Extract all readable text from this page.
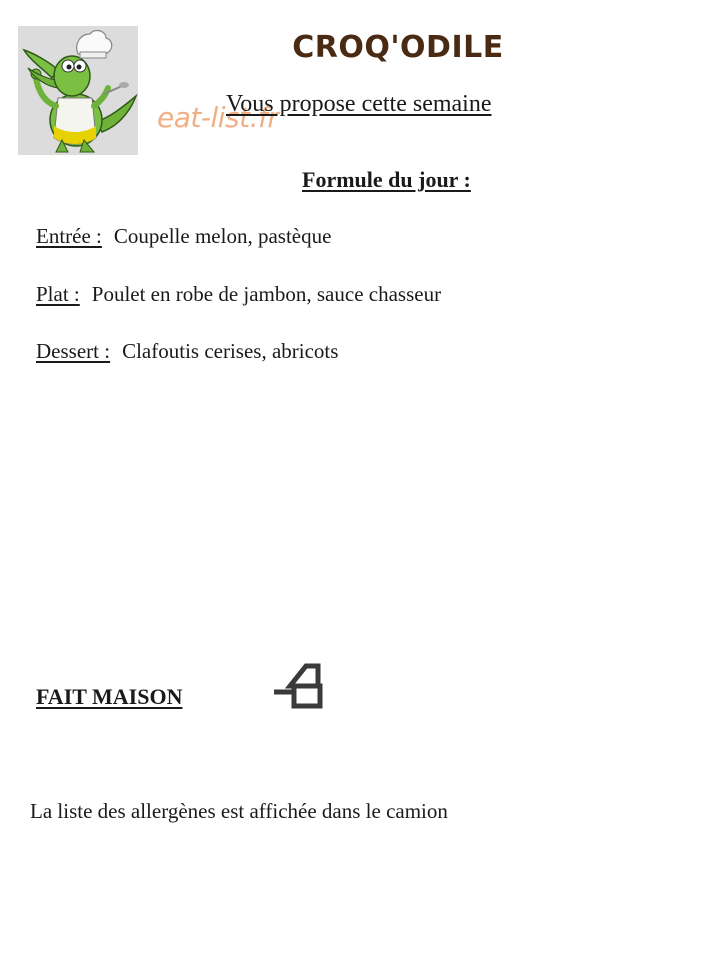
eat-list.fr
CROQ'ODILE
Vous propose cette semaine
Formule du jour :
Entrée : Coupelle melon, pastèque
Plat : Poulet en robe de jambon, sauce chasseur
Dessert : Clafoutis cerises, abricots
FAIT MAISON
La liste des allergènes est affichée dans le camion
